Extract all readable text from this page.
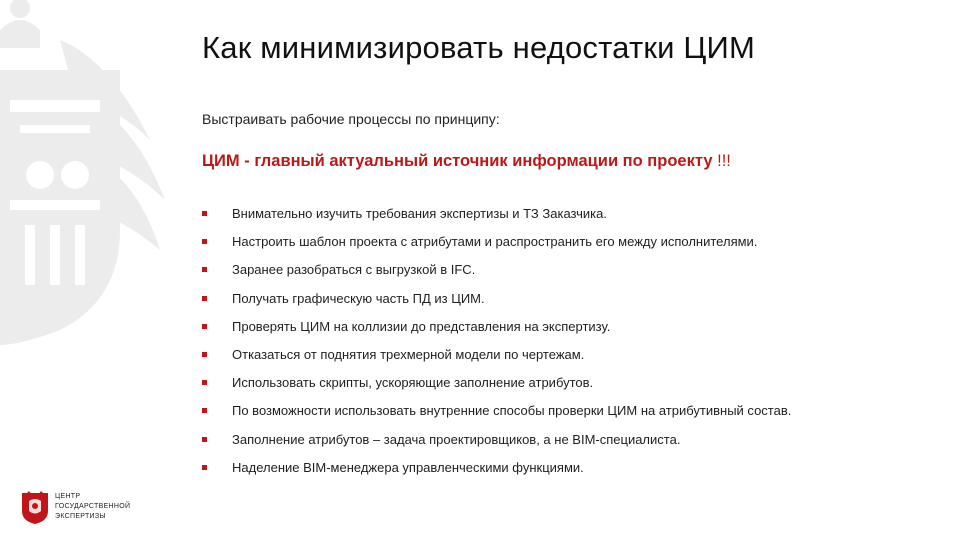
Как минимизировать недостатки ЦИМ
Выстраивать рабочие процессы по принципу:
ЦИМ - главный актуальный источник информации по проекту !!!
Внимательно изучить требования экспертизы и ТЗ Заказчика.
Настроить шаблон проекта с атрибутами и распространить его между исполнителями.
Заранее разобраться с выгрузкой в IFC.
Получать графическую часть ПД из ЦИМ.
Проверять ЦИМ на коллизии до представления на экспертизу.
Отказаться от поднятия трехмерной модели по чертежам.
Использовать скрипты, ускоряющие заполнение атрибутов.
По возможности использовать внутренние способы проверки ЦИМ на атрибутивный состав.
Заполнение атрибутов – задача проектировщиков, а не BIM-специалиста.
Наделение BIM-менеджера управленческими функциями.
ЦЕНТР
ГОСУДАРСТВЕННОЙ
ЭКСПЕРТИЗЫ
